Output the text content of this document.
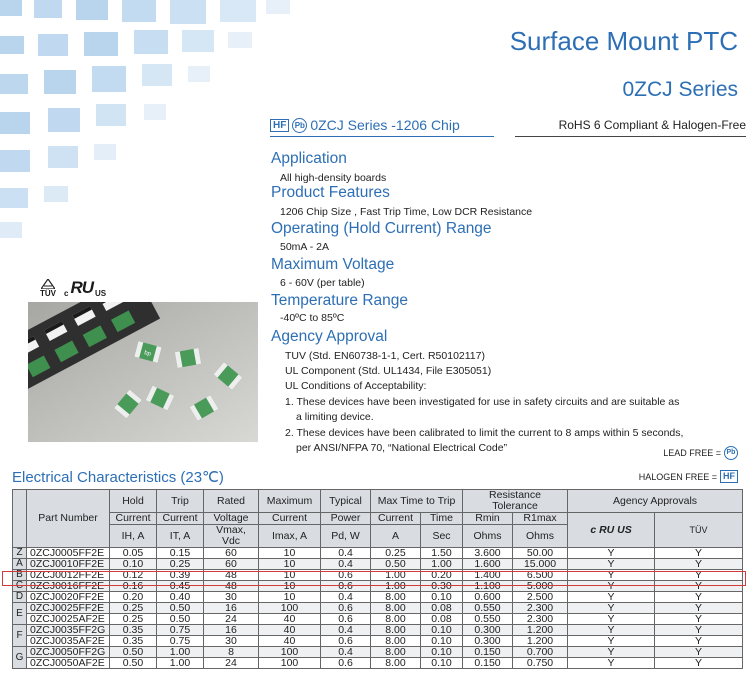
Surface Mount PTC
0ZCJ Series
HF	Pb 0ZCJ Series -1206 Chip	RoHS 6 Compliant & Halogen-Free
Application
All high-density boards
Product Features
1206 Chip Size , Fast Trip Time, Low DCR Resistance
Operating (Hold Current) Range
50mA - 2A
Maximum Voltage
6 - 60V (per table)
Temperature Range
-40ºC to 85ºC
Agency Approval
TUV (Std. EN60738-1-1, Cert. R50102117)
UL Component (Std. UL1434, File E305051)
UL Conditions of Acceptability:
1. These devices have been investigated for use in safety circuits and are suitable as
a limiting device.
2. These devices have been calibrated to limit the current to 8 amps within 5 seconds,
per ANSI/NFPA 70, “National Electrical Code”
TÜV c RU US
bp
LEAD FREE = Pb
Electrical Characteristics (23℃)	HALOGEN FREE = HF
	Part Number	Hold	Trip	Rated	Maximum	Typical	Max Time to Trip		Resistance Tolerance		Agency Approvals	
		Current	Current	Voltage	Current	Power	Current	Time	Rmin	R1max	c RU US	TÜV
		IH, A	IT, A	Vmax, Vdc	Imax, A	Pd, W	A	Sec	Ohms	Ohms		
Z	0ZCJ0005FF2E	0.05	0.15	60	10	0.4	0.25	1.50	3.600	50.00	Y	Y
A	0ZCJ0010FF2E	0.10	0.25	60	10	0.4	0.50	1.00	1.600	15.000	Y	Y
B	0ZCJ0012FF2E	0.12	0.39	48	10	0.6	1.00	0.20	1.400	6.500	Y	Y
C	0ZCJ0016FF2E	0.16	0.45	48	10	0.6	1.00	0.30	1.100	5.000	Y	Y
D	0ZCJ0020FF2E	0.20	0.40	30	10	0.4	8.00	0.10	0.600	2.500	Y	Y
E	0ZCJ0025FF2E	0.25	0.50	16	100	0.6	8.00	0.08	0.550	2.300	Y	Y
	0ZCJ0025AF2E	0.25	0.50	24	40	0.6	8.00	0.08	0.550	2.300	Y	Y
F	0ZCJ0035FF2G	0.35	0.75	16	40	0.4	8.00	0.10	0.300	1.200	Y	Y
	0ZCJ0035AF2E	0.35	0.75	30	40	0.6	8.00	0.10	0.300	1.200	Y	Y
G	0ZCJ0050FF2G	0.50	1.00	8	100	0.4	8.00	0.10	0.150	0.700	Y	Y
	0ZCJ0050AF2E	0.50	1.00	24	100	0.6	8.00	0.10	0.150	0.750	Y	Y
